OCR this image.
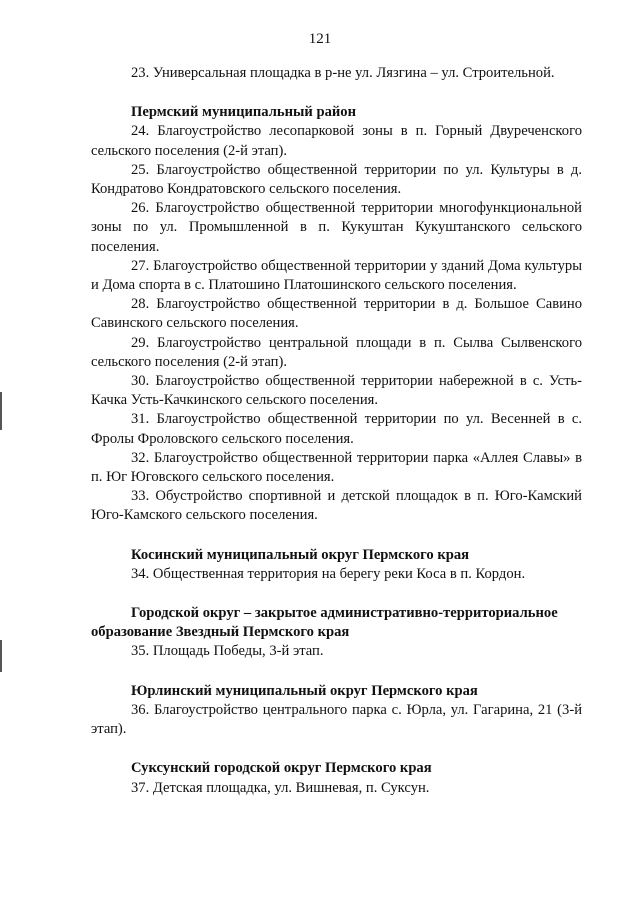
121

23. Универсальная площадка в р-не ул. Лязгина – ул. Строительной.

Пермский муниципальный район

24. Благоустройство лесопарковой зоны в п. Горный Двуреченского сельского поселения (2-й этап).

25. Благоустройство общественной территории по ул. Культуры в д. Кондратово Кондратовского сельского поселения.

26. Благоустройство общественной территории многофункциональной зоны по ул. Промышленной в п. Кукуштан Кукуштанского сельского поселения.

27. Благоустройство общественной территории у зданий Дома культуры и Дома спорта в с. Платошино Платошинского сельского поселения.

28. Благоустройство общественной территории в д. Большое Савино Савинского сельского поселения.

29. Благоустройство центральной площади в п. Сылва Сылвенского сельского поселения (2-й этап).

30. Благоустройство общественной территории набережной в с. Усть-Качка Усть-Качкинского сельского поселения.

31. Благоустройство общественной территории по ул. Весенней в с. Фролы Фроловского сельского поселения.

32. Благоустройство общественной территории парка «Аллея Славы» в п. Юг Юговского сельского поселения.

33. Обустройство спортивной и детской площадок в п. Юго-Камский Юго-Камского сельского поселения.

Косинский муниципальный округ Пермского края

34. Общественная территория на берегу реки Коса в п. Кордон.

Городской округ – закрытое административно-территориальное образование Звездный Пермского края

35. Площадь Победы, 3-й этап.

Юрлинский муниципальный округ Пермского края

36. Благоустройство центрального парка с. Юрла, ул. Гагарина, 21 (3-й этап).

Суксунский городской округ Пермского края

37. Детская площадка, ул. Вишневая, п. Суксун.
